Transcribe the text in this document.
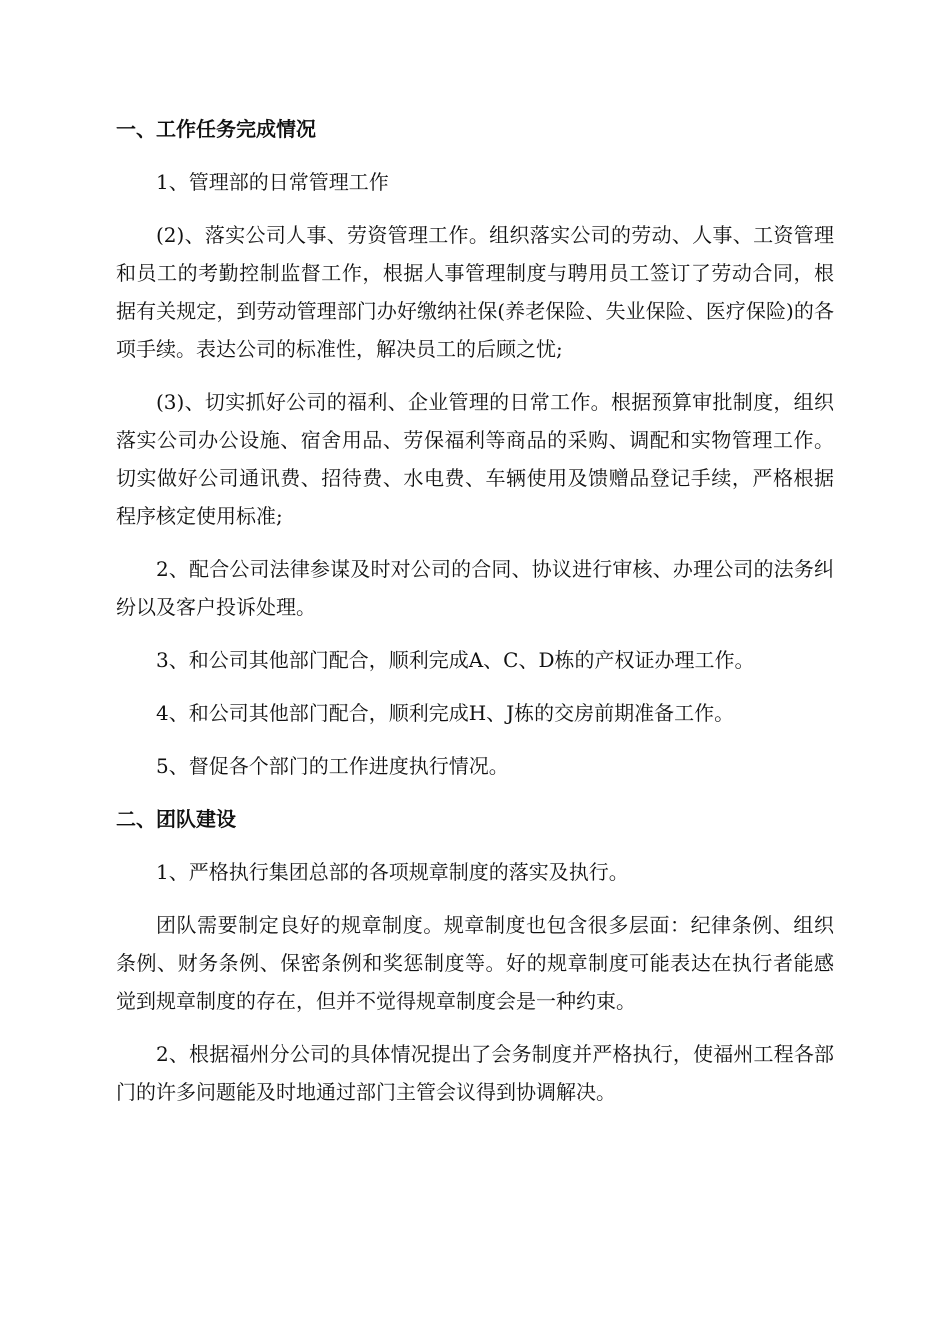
一、工作任务完成情况

1、管理部的日常管理工作

(2)、落实公司人事、劳资管理工作。组织落实公司的劳动、人事、工资管理和员工的考勤控制监督工作，根据人事管理制度与聘用员工签订了劳动合同，根据有关规定，到劳动管理部门办好缴纳社保(养老保险、失业保险、医疗保险)的各项手续。表达公司的标准性，解决员工的后顾之忧;

(3)、切实抓好公司的福利、企业管理的日常工作。根据预算审批制度，组织落实公司办公设施、宿舍用品、劳保福利等商品的采购、调配和实物管理工作。切实做好公司通讯费、招待费、水电费、车辆使用及馈赠品登记手续，严格根据程序核定使用标准;

2、配合公司法律参谋及时对公司的合同、协议进行审核、办理公司的法务纠纷以及客户投诉处理。

3、和公司其他部门配合，顺利完成A、C、D栋的产权证办理工作。

4、和公司其他部门配合，顺利完成H、J栋的交房前期准备工作。

5、督促各个部门的工作进度执行情况。

二、团队建设

1、严格执行集团总部的各项规章制度的落实及执行。

团队需要制定良好的规章制度。规章制度也包含很多层面：纪律条例、组织条例、财务条例、保密条例和奖惩制度等。好的规章制度可能表达在执行者能感觉到规章制度的存在，但并不觉得规章制度会是一种约束。

2、根据福州分公司的具体情况提出了会务制度并严格执行，使福州工程各部门的许多问题能及时地通过部门主管会议得到协调解决。
